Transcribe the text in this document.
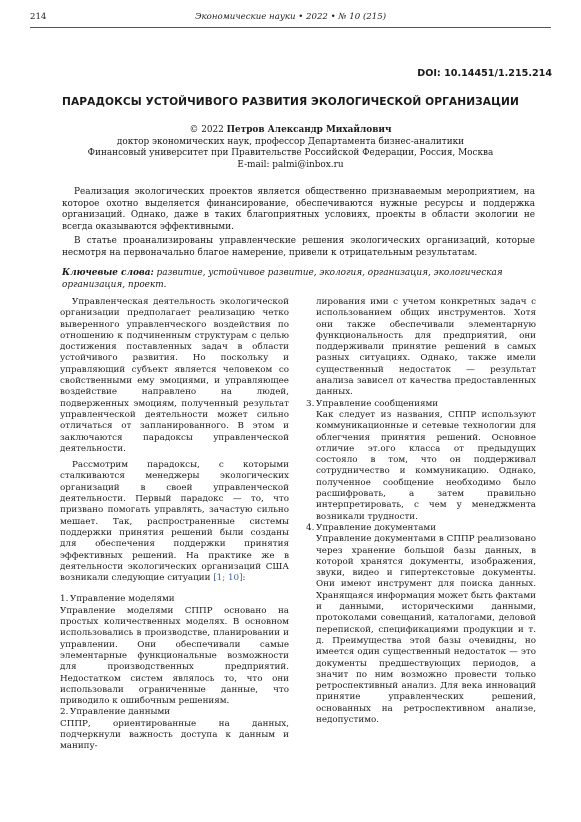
214	Экономические науки • 2022 • № 10 (215)
DOI: 10.14451/1.215.214
ПАРАДОКСЫ УСТОЙЧИВОГО РАЗВИТИЯ ЭКОЛОГИЧЕСКОЙ ОРГАНИЗАЦИИ
© 2022 Петров Александр Михайлович
доктор экономических наук, профессор Департамента бизнес-аналитики
Финансовый университет при Правительстве Российской Федерации, Россия, Москва
E-mail: palmi@inbox.ru

Реализация экологических проектов является общественно признаваемым мероприятием, на которое охотно выделяется финансирование, обеспечиваются нужные ресурсы и поддержка организаций. Однако, даже в таких благоприятных условиях, проекты в области экологии не всегда оказываются эффективными.

В статье проанализированы управленческие решения экологических организаций, которые несмотря на первоначально благое намерение, привели к отрицательным результатам.

Ключевые слова: развитие, устойчивое развитие, экология, организация, экологическая организация, проект.

Управленческая деятельность экологической организации предполагает реализацию четко выверенного управленческого воздействия по отношению к подчиненным структурам с целью достижения поставленных задач в области устойчивого развития. Но поскольку и управляющий субъект является человеком со свойственными ему эмоциями, и управляющее воздействие направлено на людей, подверженных эмоциям, полученный результат управленческой деятельности может сильно отличаться от запланированного. В этом и заключаются парадоксы управленческой деятельности.

Рассмотрим парадоксы, с которыми сталкиваются менеджеры экологических организаций в своей управленческой деятельности. Первый парадокс — то, что призвано помогать управлять, зачастую сильно мешает. Так, распространенные системы поддержки принятия решений были созданы для обеспечения поддержки принятия эффективных решений. На практике же в деятельности экологических организаций США возникали следующие ситуации [1; 10]:

1. Управление моделями

Управление моделями СППР основано на простых количественных моделях. В основном использовались в производстве, планировании и управлении. Они обеспечивали самые элементарные функциональные возможности для производственных предприятий. Недостатком систем являлось то, что они использовали ограниченные данные, что приводило к ошибочным решениям.

2. Управление данными

СППР, ориентированные на данных, подчеркнули важность доступа к данным и манипу-

лирования ими с учетом конкретных задач с использованием общих инструментов. Хотя они также обеспечивали элементарную функциональность для предприятий, они поддерживали принятие решений в самых разных ситуациях. Однако, также имели существенный недостаток — результат анализа зависел от качества предоставленных данных.

3. Управление сообщениями

Как следует из названия, СППР используют коммуникационные и сетевые технологии для облегчения принятия решений. Основное отличие эт.ого класса от предыдущих состояло в том, что он поддерживал сотрудничество и коммуникацию. Однако, полученное сообщение необходимо было расшифровать, а затем правильно интерпретировать, с чем у менеджмента возникали трудности.

4. Управление документами

Управление документами в СППР реализовано через хранение большой базы данных, в которой хранятся документы, изображения, звуки, видео и гипертекстовые документы. Они имеют инструмент для поиска данных. Хранящаяся информация может быть фактами и данными, историческими данными, протоколами совещаний, каталогами, деловой перепиской, спецификациями продукции и т. д. Преимущества этой базы очевидны, но имеется один существенный недостаток — это документы предшествующих периодов, а значит по ним возможно провести только ретроспективный анализ. Для века инноваций принятие управленческих решений, основанных на ретроспективном анализе, недопустимо.
